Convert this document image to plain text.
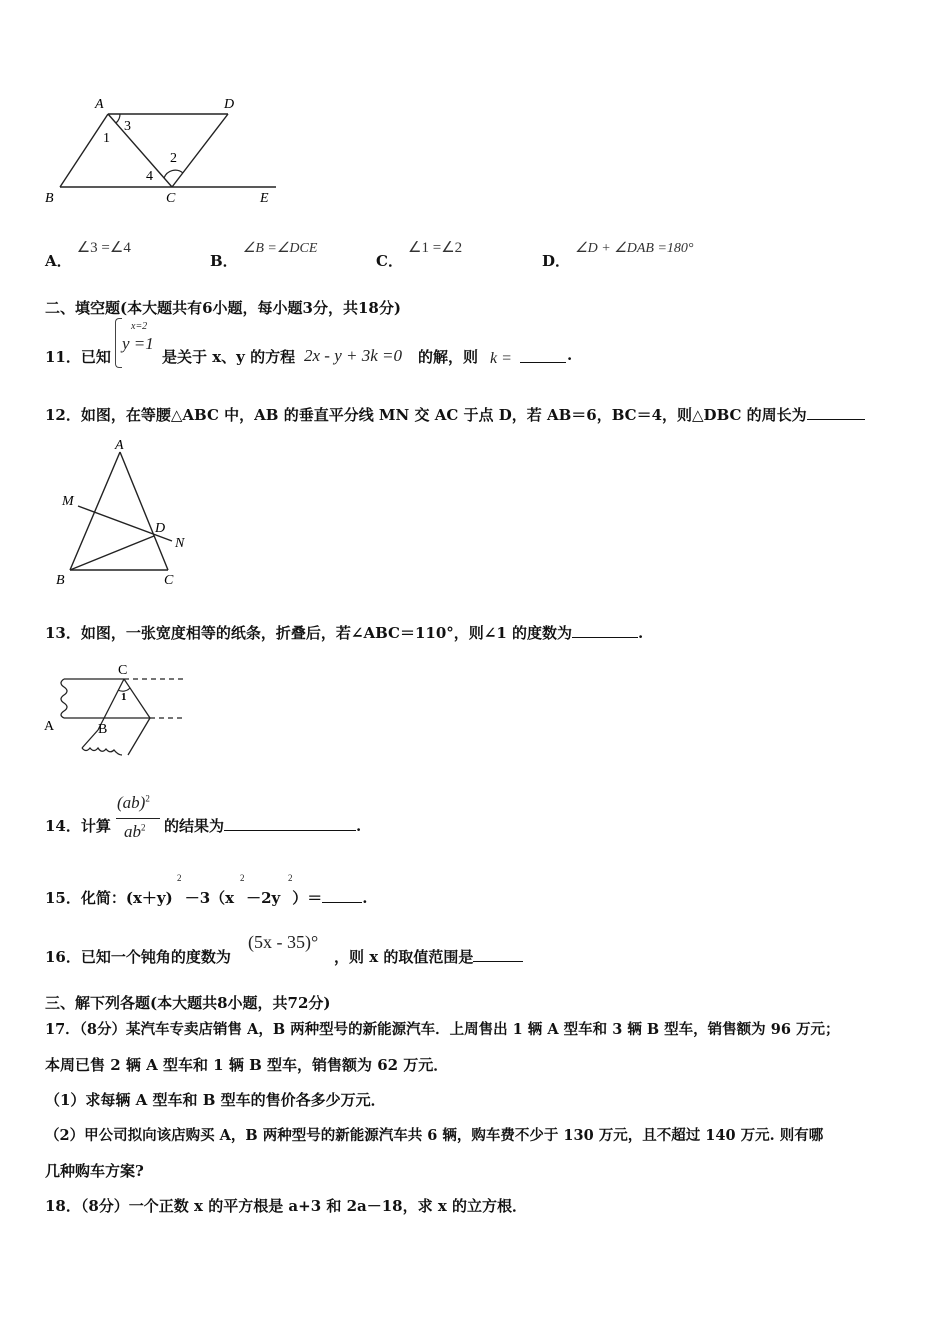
A	D
B	C	E
1
2
3
4
A． ∠3 =∠4
B． ∠B =∠DCE
C． ∠1 =∠2
D． ∠D + ∠DAB =180°
二、填空题(本大题共有6小题，每小题3分，共18分)
11．已知
x=2
y =1
是关于 x、y 的方程 2x - y + 3k =0 的解，则 k =	.
12．如图，在等腰△ABC 中，AB 的垂直平分线 MN 交 AC 于点 D，若 AB＝6，BC＝4，则△DBC 的周长为
A
M
D
N
B	C
13．如图，一张宽度相等的纸条，折叠后，若∠ABC＝110°，则∠1 的度数为	.
C
1
A	B
14．计算
(ab)$^2$
$ab^2$ 的结果为	.
15．化简：(x＋y) －3（x －2y ）＝	.
2	2	2
16．已知一个钝角的度数为
(5x - 35)°
，则 x 的取值范围是
三、解下列各题(本大题共8小题，共72分)
17．（8分）某汽车专卖店销售 A，B 两种型号的新能源汽车．上周售出 1 辆 A 型车和 3 辆 B 型车，销售额为 96 万元；
本周已售 2 辆 A 型车和 1 辆 B 型车，销售额为 62 万元．
（1）求每辆 A 型车和 B 型车的售价各多少万元．
（2）甲公司拟向该店购买 A，B 两种型号的新能源汽车共 6 辆，购车费不少于 130 万元，且不超过 140 万元. 则有哪
几种购车方案?
18．（8分）一个正数 x 的平方根是 a+3 和 2a－18，求 x 的立方根．
